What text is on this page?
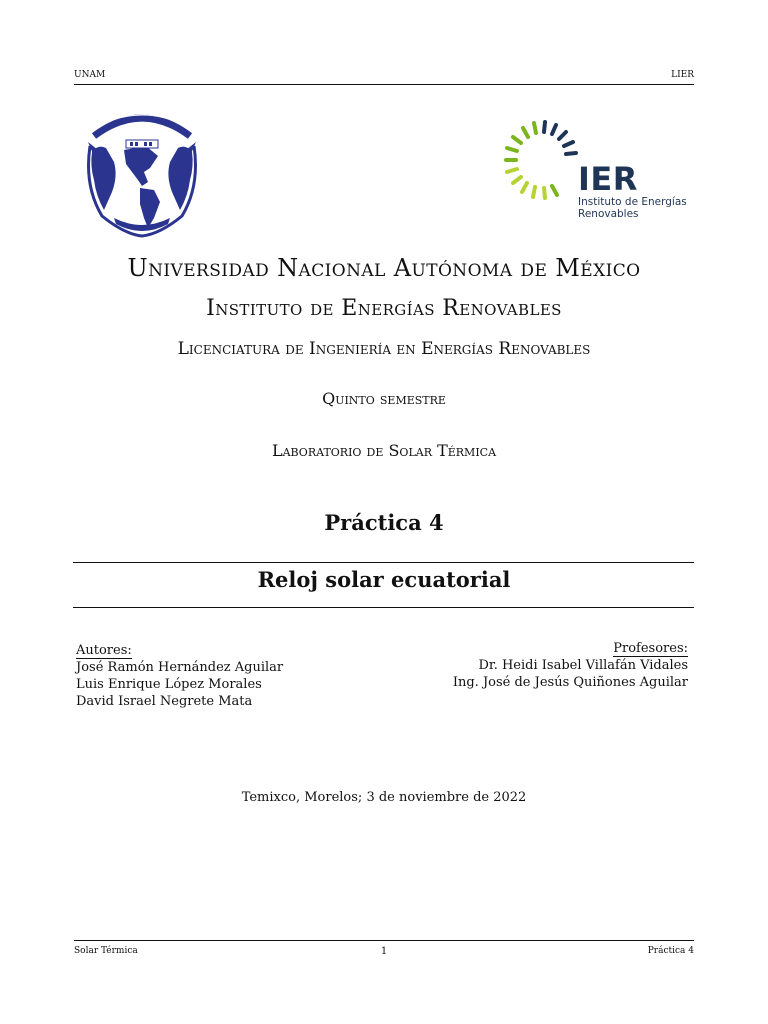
UNAM	LIER
IER
Instituto de Energías
Renovables
Universidad Nacional Autónoma de México
Instituto de Energías Renovables
Licenciatura de Ingeniería en Energías Renovables
Quinto semestre
Laboratorio de Solar Térmica
Práctica 4
Reloj solar ecuatorial
Autores:
José Ramón Hernández Aguilar
Luis Enrique López Morales
David Israel Negrete Mata
Profesores:
Dr. Heidi Isabel Villafán Vidales
Ing. José de Jesús Quiñones Aguilar
Temixco, Morelos; 3 de noviembre de 2022
Solar Térmica	1	Práctica 4
